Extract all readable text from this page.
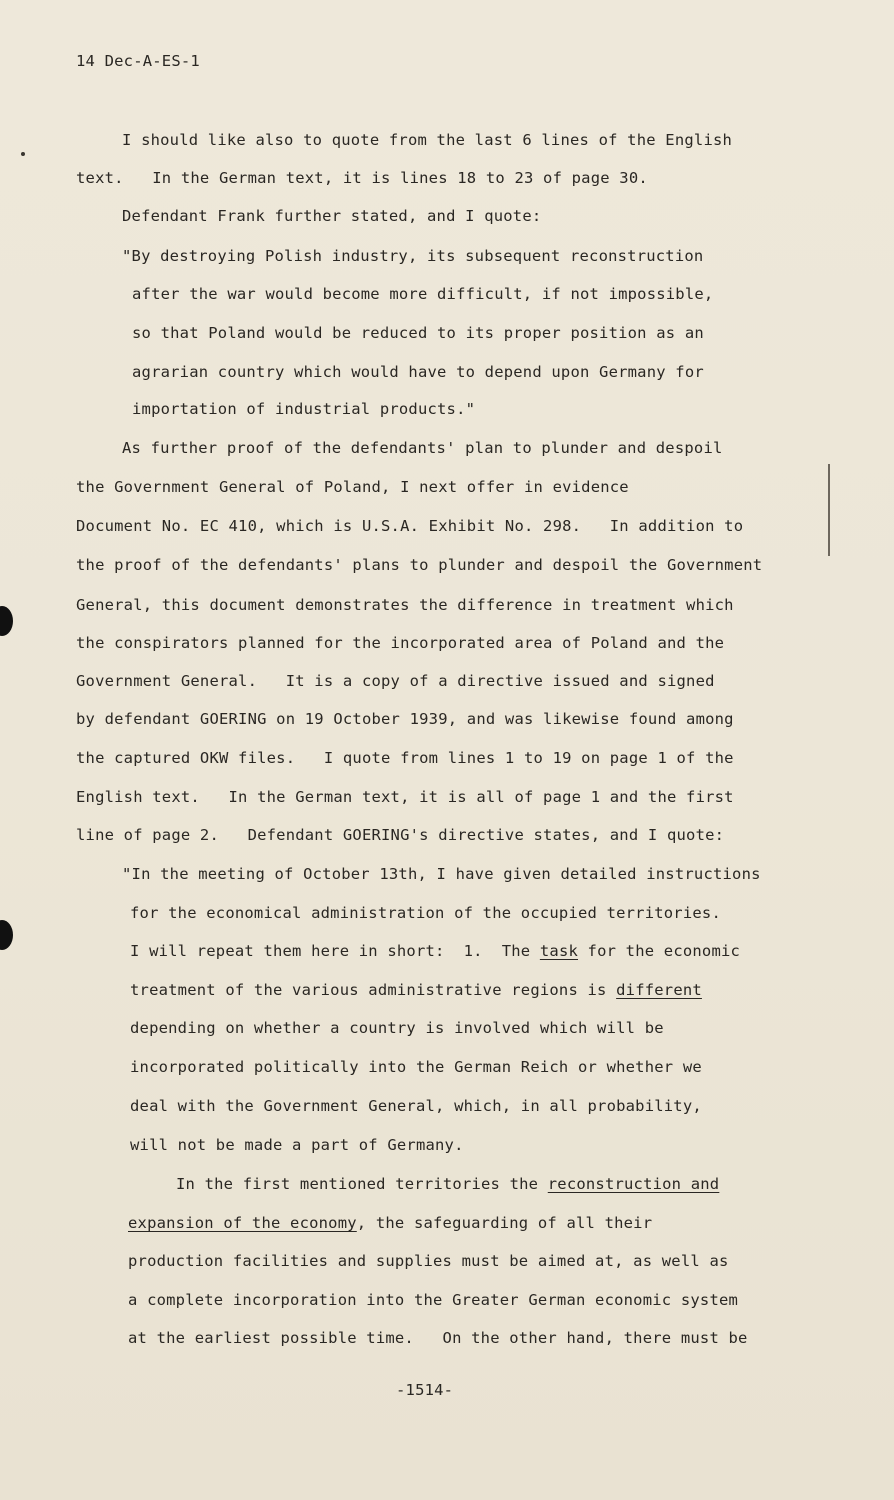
14 Dec-A-ES-1
I should like also to quote from the last 6 lines of the English
text.   In the German text, it is lines 18 to 23 of page 30.
Defendant Frank further stated, and I quote:
"By destroying Polish industry, its subsequent reconstruction
after the war would become more difficult, if not impossible,
so that Poland would be reduced to its proper position as an
agrarian country which would have to depend upon Germany for
importation of industrial products."
As further proof of the defendants' plan to plunder and despoil
the Government General of Poland, I next offer in evidence
Document No. EC 410, which is U.S.A. Exhibit No. 298.   In addition to
the proof of the defendants' plans to plunder and despoil the Government
General, this document demonstrates the difference in treatment which
the conspirators planned for the incorporated area of Poland and the
Government General.   It is a copy of a directive issued and signed
by defendant GOERING on 19 October 1939, and was likewise found among
the captured OKW files.   I quote from lines 1 to 19 on page 1 of the
English text.   In the German text, it is all of page 1 and the first
line of page 2.   Defendant GOERING's directive states, and I quote:
"In the meeting of October 13th, I have given detailed instructions
for the economical administration of the occupied territories.
I will repeat them here in short:  1.  The task for the economic
treatment of the various administrative regions is different
depending on whether a country is involved which will be
incorporated politically into the German Reich or whether we
deal with the Government General, which, in all probability,
will not be made a part of Germany.
In the first mentioned territories the reconstruction and
expansion of the economy, the safeguarding of all their
production facilities and supplies must be aimed at, as well as
a complete incorporation into the Greater German economic system
at the earliest possible time.   On the other hand, there must be
-1514-
